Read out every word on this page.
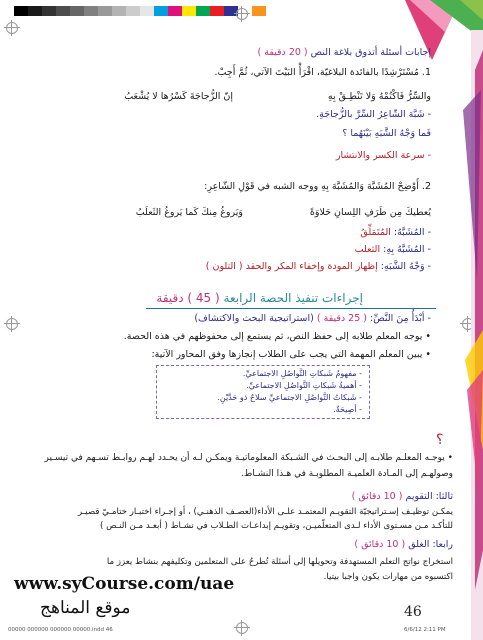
إجابات أسئلة أتذوق بلاغة النص ( 20 دقيقة )
1. مُسْتَرْشِدًا بالفائدة البلاغيّة، اقْرَأْ البَيْتَ الآتي، ثُمَّ أَجِبْ.
والسِّرُّ فَاكْتُمْهُ وَلا تَنْطِـقْ بِهِ
إنّ الزُّجاجَةَ كَسْرُها لا يُشْعَبُ
- شَبَّهَ الشّاعِرُ السِّرَّ بالزُّجاجَةِ.
فَما وَجْهُ الشَّبَهِ بَيْنَهُما ؟
- سرعة الكسر والانتشار
2. أَوْضِحْ المُشَبَّهَ وَالمُشَبَّهَ بِهِ ووجه الشبه في قَوْلِ الشّاعِرِ:
يُعطيكَ مِن طَرَفِ اللِسانِ حَلاوَةً
وَيَروغُ مِنكَ كَما يَروغُ الثَعلَبُ
- المُشَبَّهُ: المُتَمَلِّقُ
- المُشَبَّهُ بِهِ: الثعلب
- وَجْهُ الشَّبَهِ: إظهار المودة وإخفاء المكر والحقد ( التلون )
إجراءات تنفيذ الحصة الرابعة ( 45 ) دقيقة
- أبْدَأُ مِنَ النَّصِّ: ( 25 دقيقة ) (استراتيجية البحث والاكتشاف)
• يوجه المعلم طلابه إلى حفظ النص، ثم يستمع إلى محفوظهم في هذه الحصة.
• يبين المعلم المهمة التي يجب على الطلاب إنجازها وفق المحاور الآتية:
- مفهومُ شَبكاتِ التَّواصُلِ الاجتماعيِّ.
- أهميةُ شَبكاتِ التَّواصُلِ الاجتماعيِّ.
- شَبكاتُ التَّواصُلِ الاجتماعيِّ سلاحٌ ذو حَدَّيْنِ.
- أصِيحَةٌ.
؟
• يوجـه المعلـم طلابـه إلى البحـث في الشـبكة المعلوماتيـة ويمكـن لـه أن يحـدد لهـم روابـط تسـهم في تيسـير
وصولهـم إلى المـادة العلميـة المطلوبـة في هـذا النشـاط.
ثالثا: التقويم ( 10 دقائق )
يمكـن توظيـف إسـتراتيجيّة التقويـم المعتمـد علـى الأداء(العصـف الذهنـي) ، أو إجـراء اختبـار ختامـيّ قصيـر
للتأكـد مـن مسـتوى الأداء لـدى المتعلّميـن، وتقويـم إبداعـات الطـلاب في نشـاط ( أبعـد مـن النـص )
رابعا: الغلق ( 10 دقائق )
استخراج نواتج التعلم المستهدفة وتحويلها إلى أسئلة تُطرحُ على المتعلمين وتكليفهم بنشاط يعزز ما
اكتسبوه من مهارات يكون واجبا بيتيا.
www.syCourse.com/uae
موقع المناهج	46
00000 000000 000000 00000.indd 46	6/6/12 2:11 PM
